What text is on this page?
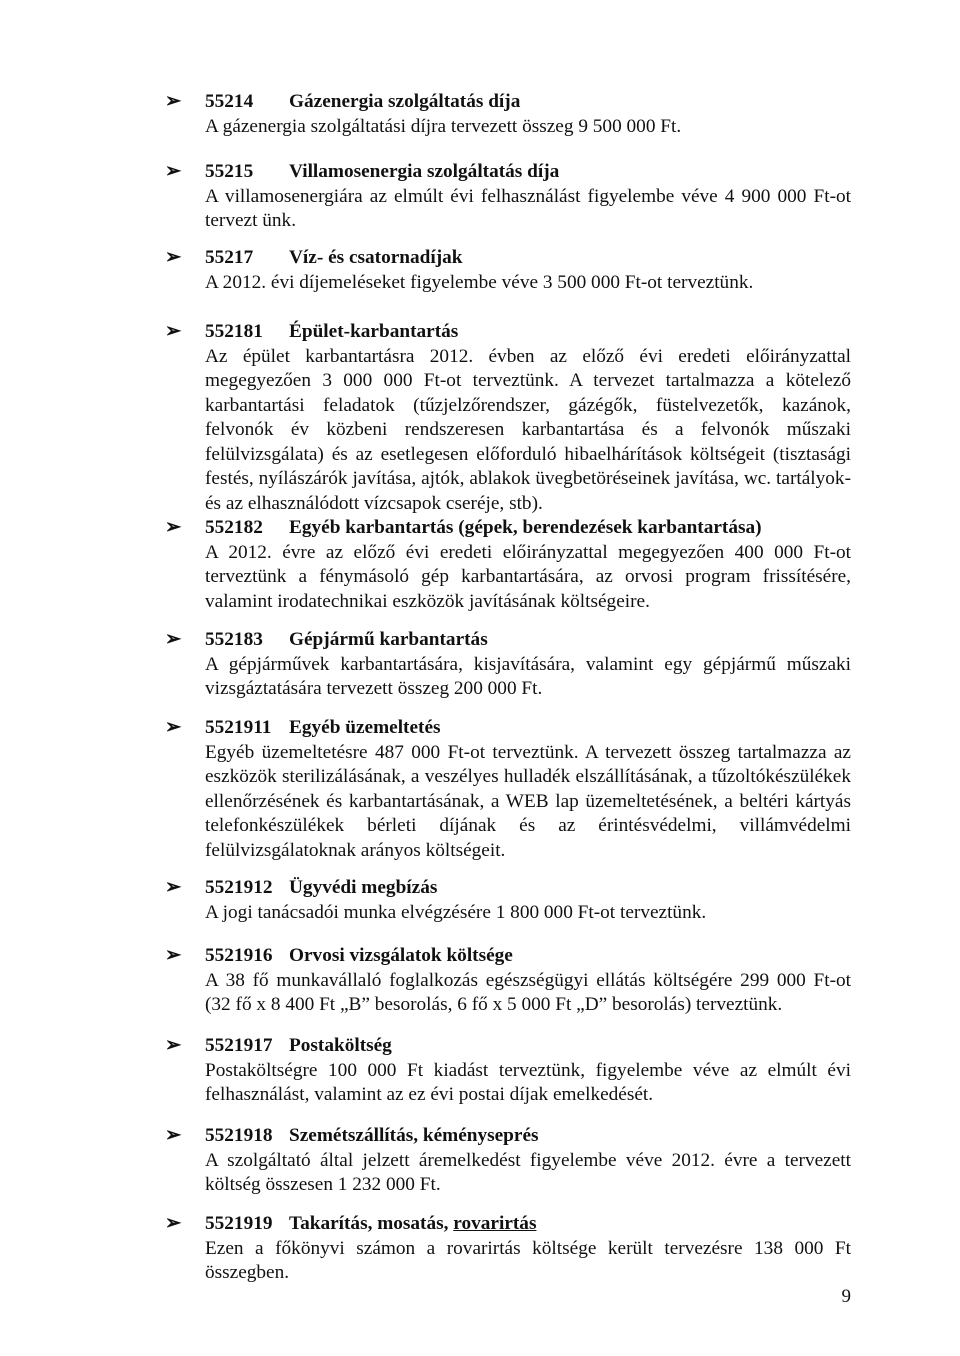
➢	55214 Gázenergia szolgáltatás díja
A gázenergia szolgáltatási díjra tervezett összeg 9 500 000 Ft.
➢	55215 Villamosenergia szolgáltatás díja
A villamosenergiára az elmúlt évi felhasználást figyelembe véve 4 900 000 Ft-ot tervezt ünk.
➢	55217 Víz- és csatornadíjak
A 2012. évi díjemeléseket figyelembe véve 3 500 000 Ft-ot terveztünk.
➢	552181 Épület-karbantartás
Az épület karbantartásra 2012. évben az előző évi eredeti előirányzattal megegyezően 3 000 000 Ft-ot terveztünk. A tervezet tartalmazza a kötelező karbantartási feladatok (tűzjelzőrendszer, gázégők, füstelvezetők, kazánok, felvonók év közbeni rendszeresen karbantartása és a felvonók műszaki felülvizsgálata) és az esetlegesen előforduló hibaelhárítások költségeit (tisztasági festés, nyílászárók javítása, ajtók, ablakok üvegbetöréseinek javítása, wc. tartályok- és az elhasználódott vízcsapok cseréje, stb).
➢	552182 Egyéb karbantartás (gépek, berendezések karbantartása)
A 2012. évre az előző évi eredeti előirányzattal megegyezően 400 000 Ft-ot terveztünk a fénymásoló gép karbantartására, az orvosi program frissítésére, valamint irodatechnikai eszközök javításának költségeire.
➢	552183 Gépjármű karbantartás
A gépjárművek karbantartására, kisjavítására, valamint egy gépjármű műszaki vizsgáztatására tervezett összeg 200 000 Ft.
➢	5521911 Egyéb üzemeltetés
Egyéb üzemeltetésre 487 000 Ft-ot terveztünk. A tervezett összeg tartalmazza az eszközök sterilizálásának, a veszélyes hulladék elszállításának, a tűzoltókészülékek ellenőrzésének és karbantartásának, a WEB lap üzemeltetésének, a beltéri kártyás telefonkészülékek bérleti díjának és az érintésvédelmi, villámvédelmi felülvizsgálatoknak arányos költségeit.
➢	5521912 Ügyvédi megbízás
A jogi tanácsadói munka elvégzésére 1 800 000 Ft-ot terveztünk.
➢	5521916 Orvosi vizsgálatok költsége
A 38 fő munkavállaló foglalkozás egészségügyi ellátás költségére 299 000 Ft-ot (32 fő x 8 400 Ft „B” besorolás, 6 fő x 5 000 Ft „D” besorolás) terveztünk.
➢	5521917 Postaköltség
Postaköltségre 100 000 Ft kiadást terveztünk, figyelembe véve az elmúlt évi felhasználást, valamint az ez évi postai díjak emelkedését.
➢	5521918 Szemétszállítás, kéményseprés
A szolgáltató által jelzett áremelkedést figyelembe véve 2012. évre a tervezett költség összesen 1 232 000 Ft.
➢	5521919 Takarítás, mosatás, rovarirtás
Ezen a főkönyvi számon a rovarirtás költsége került tervezésre 138 000 Ft összegben.
9
